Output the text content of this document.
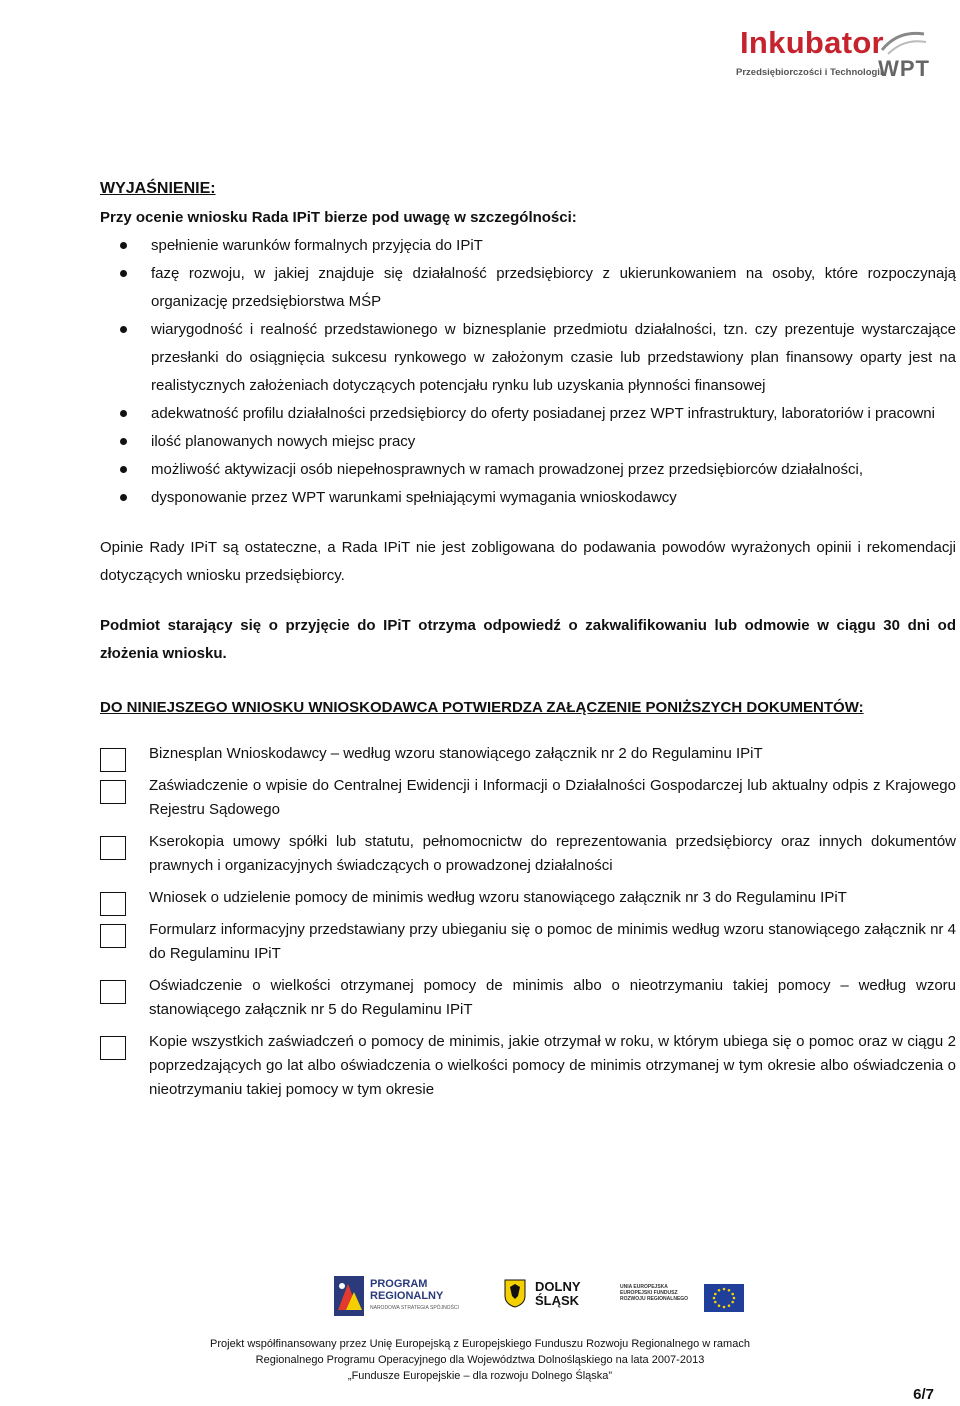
Inkubator
Przedsiębiorczości i Technologii
WPT
WYJAŚNIENIE:
Przy ocenie wniosku Rada IPiT bierze pod uwagę w szczególności:
spełnienie warunków formalnych przyjęcia do IPiT
fazę rozwoju, w jakiej znajduje się działalność przedsiębiorcy z ukierunkowaniem na osoby, które rozpoczynają organizację przedsiębiorstwa MŚP
wiarygodność i realność przedstawionego w biznesplanie przedmiotu działalności, tzn. czy prezentuje wystarczające przesłanki do osiągnięcia sukcesu rynkowego w założonym czasie lub przedstawiony plan finansowy oparty jest na realistycznych założeniach dotyczących potencjału rynku lub uzyskania płynności finansowej
adekwatność profilu działalności przedsiębiorcy do oferty posiadanej przez WPT infrastruktury, laboratoriów i pracowni
ilość planowanych nowych miejsc pracy
możliwość aktywizacji osób niepełnosprawnych w ramach prowadzonej przez przedsiębiorców działalności,
dysponowanie przez WPT warunkami spełniającymi wymagania wnioskodawcy
Opinie Rady IPiT są ostateczne, a Rada IPiT nie jest zobligowana do podawania powodów wyrażonych opinii i rekomendacji dotyczących wniosku przedsiębiorcy.
Podmiot starający się o przyjęcie do IPiT otrzyma odpowiedź o zakwalifikowaniu lub odmowie w ciągu 30 dni od złożenia wniosku.
DO NINIEJSZEGO WNIOSKU WNIOSKODAWCA POTWIERDZA ZAŁĄCZENIE PONIŻSZYCH DOKUMENTÓW:
Biznesplan Wnioskodawcy – według wzoru stanowiącego załącznik nr 2 do Regulaminu IPiT
Zaświadczenie o wpisie do Centralnej Ewidencji i Informacji o Działalności Gospodarczej lub aktualny odpis z Krajowego Rejestru Sądowego
Kserokopia umowy spółki lub statutu, pełnomocnictw do reprezentowania przedsiębiorcy oraz innych dokumentów prawnych i organizacyjnych świadczących o prowadzonej działalności
Wniosek o udzielenie pomocy de minimis według wzoru stanowiącego załącznik nr 3 do Regulaminu IPiT
Formularz informacyjny przedstawiany przy ubieganiu się o pomoc de minimis według wzoru stanowiącego załącznik nr 4 do Regulaminu IPiT
Oświadczenie o wielkości otrzymanej pomocy de minimis albo o nieotrzymaniu takiej pomocy – według wzoru stanowiącego załącznik nr 5 do Regulaminu IPiT
Kopie wszystkich zaświadczeń o pomocy de minimis, jakie otrzymał w roku, w którym ubiega się o pomoc oraz w ciągu 2 poprzedzających go lat albo oświadczenia o wielkości pomocy de minimis otrzymanej w tym okresie albo oświadczenia o nieotrzymaniu takiej pomocy w tym okresie
PROGRAM
REGIONALNY
NARODOWA STRATEGIA SPÓJNOŚCI
DOLNY
ŚLĄSK
UNIA EUROPEJSKA EUROPEJSKI FUNDUSZ ROZWOJU REGIONALNEGO
Projekt współfinansowany przez Unię Europejską z Europejskiego Funduszu Rozwoju Regionalnego w ramach
Regionalnego Programu Operacyjnego dla Województwa Dolnośląskiego na lata 2007-2013
„Fundusze Europejskie – dla rozwoju Dolnego Śląska”
6/7
